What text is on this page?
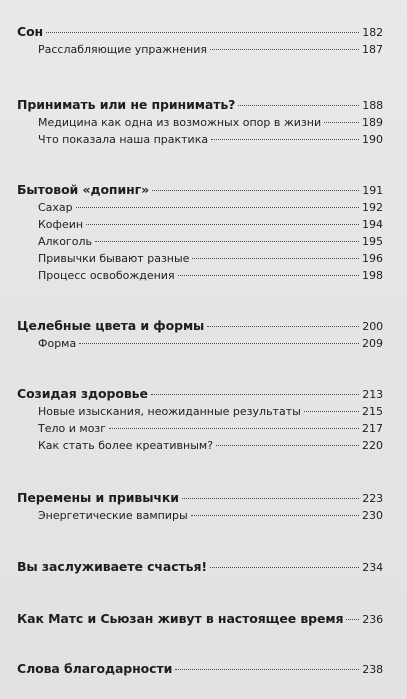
Сон	182
Расслабляющие упражнения	187
Принимать или не принимать?	188
Медицина как одна из возможных опор в жизни	189
Что показала наша практика	190
Бытовой «допинг»	191
Сахар	192
Кофеин	194
Алкоголь	195
Привычки бывают разные	196
Процесс освобождения	198
Целебные цвета и формы	200
Форма	209
Созидая здоровье	213
Новые изыскания, неожиданные результаты	215
Тело и мозг	217
Как стать более креативным?	220
Перемены и привычки	223
Энергетические вампиры	230
Вы заслуживаете счастья!	234
Как Матс и Сьюзан живут в настоящее время 236
Слова благодарности	238
